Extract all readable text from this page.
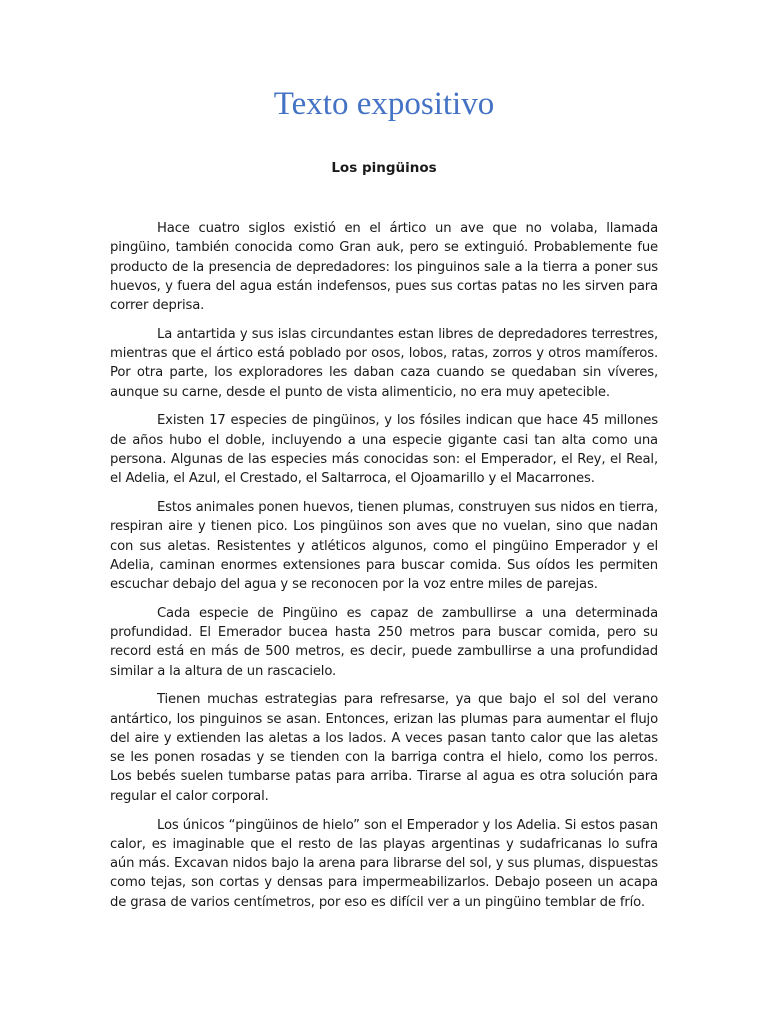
Texto expositivo
Los pingüinos

Hace cuatro siglos existió en el ártico un ave que no volaba, llamada pingüino, también conocida como Gran auk, pero se extinguió. Probablemente fue producto de la presencia de depredadores: los pinguinos sale a la tierra a poner sus huevos, y fuera del agua están indefensos, pues sus cortas patas no les sirven para correr deprisa.

La antartida y sus islas circundantes estan libres de depredadores terrestres, mientras que el ártico está poblado por osos, lobos, ratas, zorros y otros mamíferos. Por otra parte, los exploradores les daban caza cuando se quedaban sin víveres, aunque su carne, desde el punto de vista alimenticio, no era muy apetecible.

Existen 17 especies de pingüinos, y los fósiles indican que hace 45 millones de años hubo el doble, incluyendo a una especie gigante casi tan alta como una persona. Algunas de las especies más conocidas son: el Emperador, el Rey, el Real, el Adelia, el Azul, el Crestado, el Saltarroca, el Ojoamarillo y el Macarrones.

Estos animales ponen huevos, tienen plumas, construyen sus nidos en tierra, respiran aire y tienen pico. Los pingüinos son aves que no vuelan, sino que nadan con sus aletas. Resistentes y atléticos algunos, como el pingüino Emperador y el Adelia, caminan enormes extensiones para buscar comida. Sus oídos les permiten escuchar debajo del agua y se reconocen por la voz entre miles de parejas.

Cada especie de Pingüino es capaz de zambullirse a una determinada profundidad. El Emerador bucea hasta 250 metros para buscar comida, pero su record está en más de 500 metros, es decir, puede zambullirse a una profundidad similar a la altura de un rascacielo.

Tienen muchas estrategias para refresarse, ya que bajo el sol del verano antártico, los pinguinos se asan. Entonces, erizan las plumas para aumentar el flujo del aire y extienden las aletas a los lados. A veces pasan tanto calor que las aletas se les ponen rosadas y se tienden con la barriga contra el hielo, como los perros. Los bebés suelen tumbarse patas para arriba. Tirarse al agua es otra solución para regular el calor corporal.

Los únicos “pingüinos de hielo” son el Emperador y los Adelia. Si estos pasan calor, es imaginable que el resto de las playas argentinas y sudafricanas lo sufra aún más. Excavan nidos bajo la arena para librarse del sol, y sus plumas, dispuestas como tejas, son cortas y densas para impermeabilizarlos. Debajo poseen un acapa de grasa de varios centímetros, por eso es difícil ver a un pingüino temblar de frío.
